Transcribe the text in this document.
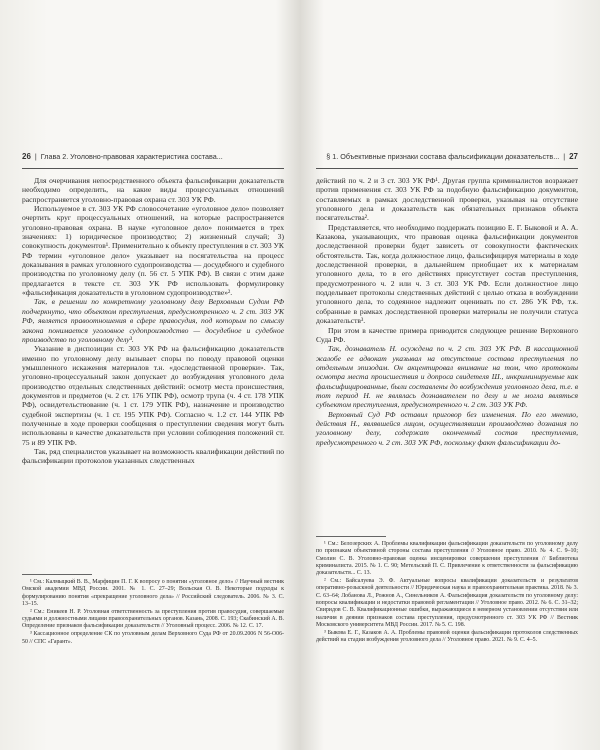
26  |  Глава 2. Уголовно-правовая характеристика состава...

Для очерчивания непосредственного объекта фальсификации доказательств необходимо определить, на какие виды процессуальных отношений распространяется уголовно-правовая охрана ст. 303 УК РФ.

Используемое в ст. 303 УК РФ словосочетание «уголовное дело» позволяет очертить круг процессуальных отношений, на которые распространяется уголовно-правовая охрана. В науке «уголовное дело» понимается в трех значениях: 1) юридическое производство; 2) жизненный случай; 3) совокупность документов¹. Применительно к объекту преступления в ст. 303 УК РФ термин «уголовное дело» указывает на посягательства на процесс доказывания в рамках уголовного судопроизводства — досудебного и судебного производства по уголовному делу (п. 56 ст. 5 УПК РФ). В связи с этим даже предлагается в тексте ст. 303 УК РФ использовать формулировку «фальсификация доказательств в уголовном судопроизводстве»².

Так, в решении по конкретному уголовному делу Верховным Судом РФ подчеркнуто, что объектом преступления, предусмотренного ч. 2 ст. 303 УК РФ, является правоотношения в сфере правосудия, под которым по смыслу закона понимается уголовное судопроизводство — досудебное и судебное производство по уголовному делу³.

Указание в диспозиции ст. 303 УК РФ на фальсификацию доказательств именно по уголовному делу вызывает споры по поводу правовой оценки умышленного искажения материалов т.н. «доследственной проверки». Так, уголовно-процессуальный закон допускает до возбуждения уголовного дела производство отдельных следственных действий: осмотр места происшествия, документов и предметов (ч. 2 ст. 176 УПК РФ), осмотр трупа (ч. 4 ст. 178 УПК РФ), освидетельствование (ч. 1 ст. 179 УПК РФ), назначение и производство судебной экспертизы (ч. 1 ст. 195 УПК РФ). Согласно ч. 1.2 ст. 144 УПК РФ полученные в ходе проверки сообщения о преступлении сведения могут быть использованы в качестве доказательств при условии соблюдения положений ст. 75 и 89 УПК РФ.

Так, ряд специалистов указывает на возможность квалификации действий по фальсификации протоколов указанных следственных

¹ См.: Калмыцкий В. В., Марфицин П. Г. К вопросу о понятии «уголовное дело» // Научный вестник Омской академии МВД России. 2001. № 1. С. 27–29; Вольская О. В. Некоторые подходы к формулированию понятия «прекращение уголовного дела» // Российский следователь. 2006. № 3. С. 13–15.

² См.: Еникеев Н. Р. Уголовная ответственность за преступления против правосудия, совершаемые судьями и должностными лицами правоохранительных органов. Казань, 2008. С. 193; Скабинский А. В. Определение признаков фальсификации доказательств // Уголовный процесс. 2006. № 12. С. 17.

³ Кассационное определение СК по уголовным делам Верховного Суда РФ от 20.09.2006 N 56-О06-50 // СПС «Гарант».

§ 1. Объективные признаки состава фальсификации доказательств...  |  27

действий по ч. 2 и 3 ст. 303 УК РФ¹. Другая группа криминалистов возражает против применения ст. 303 УК РФ за подобную фальсификацию документов, составляемых в рамках доследственной проверки, указывая на отсутствие уголовного дела и доказательств как обязательных признаков объекта посягательства².

Представляется, что необходимо поддержать позицию Е. Г. Быковой и А. А. Казакова, указывающих, что правовая оценка фальсификации документов доследственной проверки будет зависеть от совокупности фактических обстоятельств. Так, когда должностное лицо, фальсифицируя материалы в ходе доследственной проверки, в дальнейшем приобщает их к материалам уголовного дела, то в его действиях присутствует состав преступления, предусмотренного ч. 2 или ч. 3 ст. 303 УК РФ. Если должностное лицо подделывает протоколы следственных действий с целью отказа в возбуждении уголовного дела, то содеянное надлежит оценивать по ст. 286 УК РФ, т.к. собранные в рамках доследственной проверки материалы не получили статуса доказательств³.

При этом в качестве примера приводится следующее решение Верховного Суда РФ.

Так, дознаватель Н. осуждена по ч. 2 ст. 303 УК РФ. В кассационной жалобе ее адвокат указывал на отсутствие состава преступления по отдельным эпизодам. Он акцентировал внимание на том, что протоколы осмотра места происшествия и допроса свидетеля Ш., инкриминируемые как фальсифицированные, были составлены до возбуждения уголовного дела, т.е. в тот период Н. не являлась дознавателем по делу и не могла являться субъектом преступления, предусмотренного ч. 2 ст. 303 УК РФ.

Верховный Суд РФ оставил приговор без изменения. По его мнению, действия Н., являвшейся лицом, осуществлявшим производство дознания по уголовному делу, содержат оконченный состав преступления, предусмотренного ч. 2 ст. 303 УК РФ, поскольку факт фальсификации до-

¹ См.: Белозерских А. Проблемы квалификации фальсификации доказательств по уголовному делу по признакам объективной стороны состава преступления // Уголовное право. 2010. № 4. С. 9–10; Смолин С. В. Уголовно-правовая оценка инсценировки совершения преступления // Библиотека криминалиста. 2015. № 1. С. 90; Метельский П. С. Привлечение к ответственности за фальсификацию доказательств... С. 13.

² См.: Байсалуева Э. Ф. Актуальные вопросы квалификации доказательств и результатов оперативно-розыскной деятельности // Юридическая наука и правоохранительная практика. 2018. № 3. С. 63–64; Лобанова Л., Рожнов А., Синельников А. Фальсификация доказательств по уголовному делу: вопросы квалификации и недостатки правовой регламентации // Уголовное право. 2012. № 6. С. 31–32; Свиридов С. В. Квалификационные ошибки, выражающиеся в неверном установлении отсутствия или наличия в деянии признаков состава преступления, предусмотренного ст. 303 УК РФ // Вестник Московского университета МВД России. 2017. № 5. С. 198.

³ Быкова Е. Г., Казаков А. А. Проблемы правовой оценки фальсификации протоколов следственных действий на стадии возбуждения уголовного дела // Уголовное право. 2021. № 9. С. 4–5.
